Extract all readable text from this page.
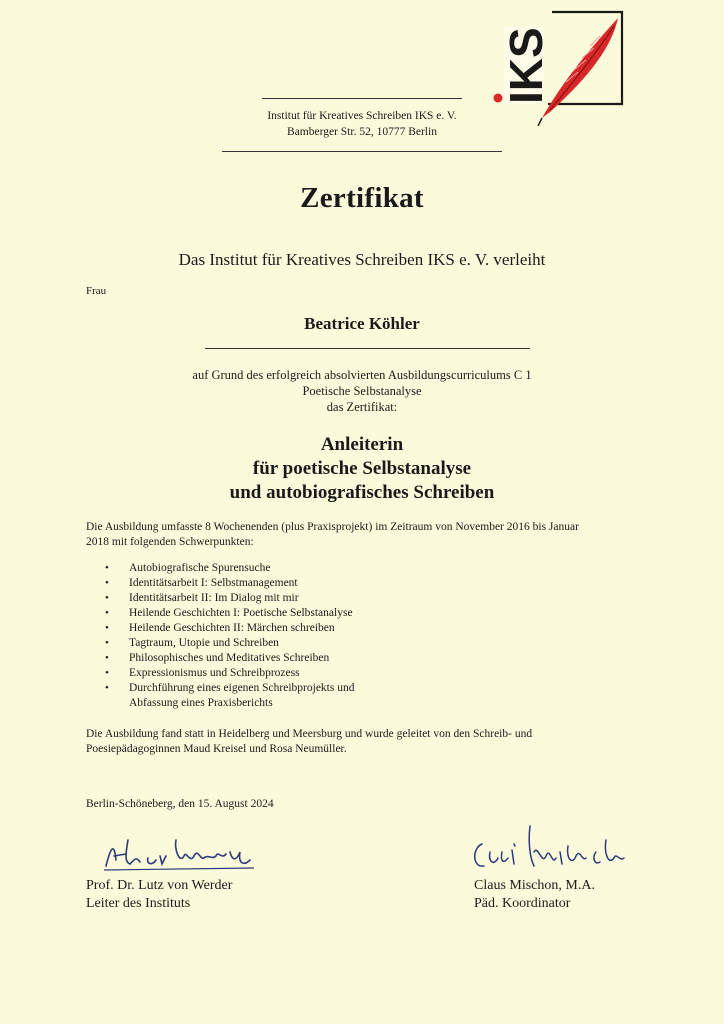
IKS
Institut für Kreatives Schreiben IKS e. V.
Bamberger Str. 52, 10777 Berlin
Zertifikat
Das Institut für Kreatives Schreiben IKS e. V. verleiht
Frau
Beatrice Köhler
auf Grund des erfolgreich absolvierten Ausbildungscurriculums C 1
Poetische Selbstanalyse
das Zertifikat:
Anleiterin
für poetische Selbstanalyse
und autobiografisches Schreiben
Die Ausbildung umfasste 8 Wochenenden (plus Praxisprojekt) im Zeitraum von November 2016 bis Januar
2018 mit folgenden Schwerpunkten:
• Autobiografische Spurensuche
• Identitätsarbeit I: Selbstmanagement
• Identitätsarbeit II: Im Dialog mit mir
• Heilende Geschichten I: Poetische Selbstanalyse
• Heilende Geschichten II: Märchen schreiben
• Tagtraum, Utopie und Schreiben
• Philosophisches und Meditatives Schreiben
• Expressionismus und Schreibprozess
• Durchführung eines eigenen Schreibprojekts und
Abfassung eines Praxisberichts
Die Ausbildung fand statt in Heidelberg und Meersburg und wurde geleitet von den Schreib- und
Poesiepädagoginnen Maud Kreisel und Rosa Neumüller.
Berlin-Schöneberg, den 15. August 2024
Prof. Dr. Lutz von Werder
Leiter des Instituts
Claus Mischon, M.A.
Päd. Koordinator
